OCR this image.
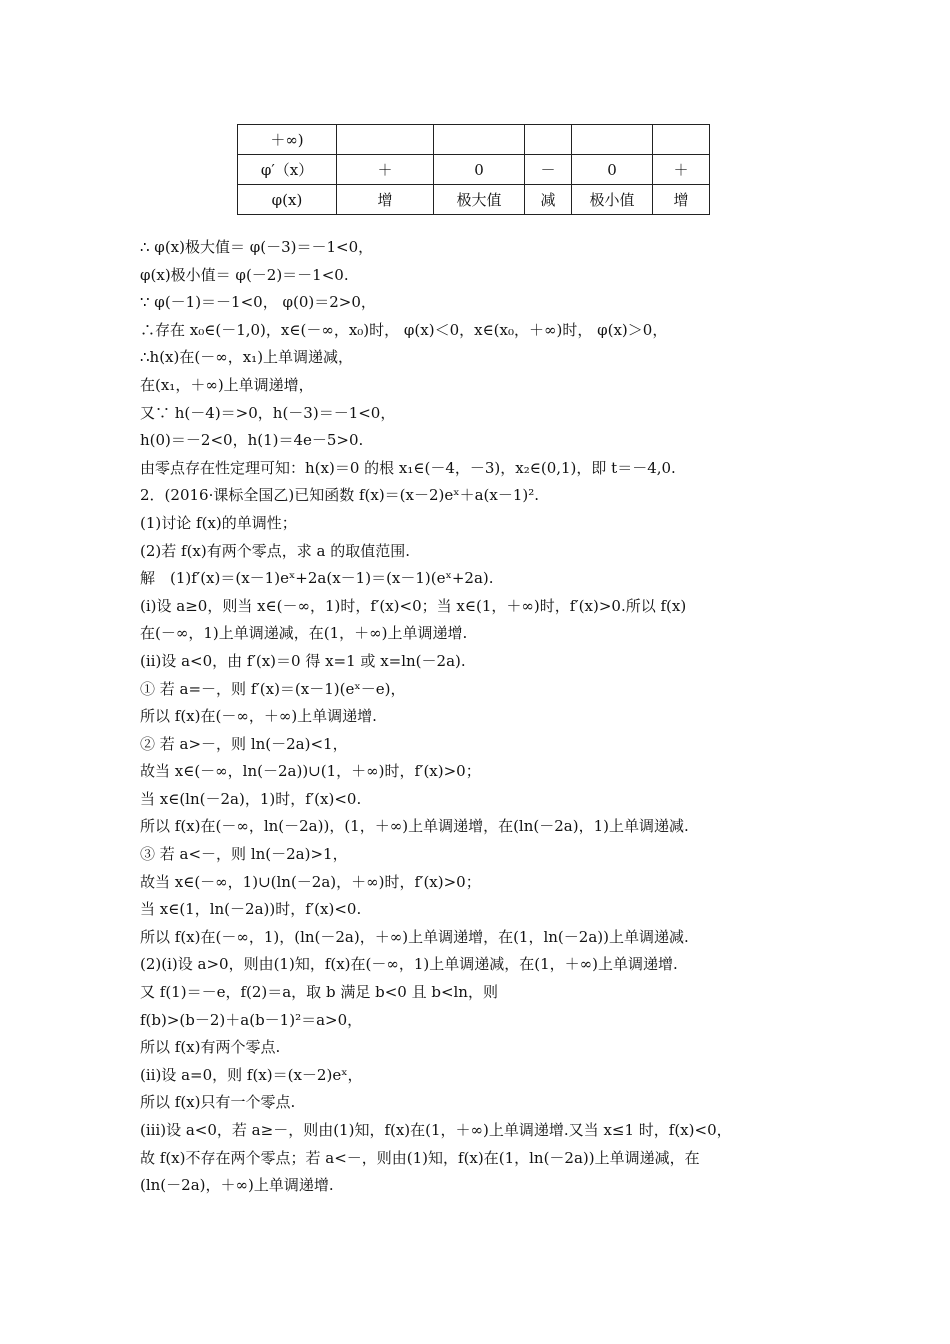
＋∞)					
φ′（x）	＋	0	－	0	＋
φ(x)	增	极大值	减	极小值	增
∴ φ(x)极大值＝ φ(－3)＝－1<0，
φ(x)极小值＝ φ(－2)＝－1<0.
∵ φ(－1)＝－1<0， φ(0)＝2>0，
∴存在 x₀∈(－1,0)，x∈(－∞，x₀)时， φ(x)＜0，x∈(x₀，＋∞)时， φ(x)＞0，
∴h(x)在(－∞，x₁)上单调递减，
在(x₁，＋∞)上单调递增，
又∵ h(－4)＝>0，h(－3)＝－1<0，
h(0)＝－2<0，h(1)＝4e－5>0.
由零点存在性定理可知：h(x)＝0 的根 x₁∈(－4，－3)，x₂∈(0,1)，即 t＝－4,0.
2．(2016·课标全国乙)已知函数 f(x)＝(x－2)eˣ＋a(x－1)².
(1)讨论 f(x)的单调性；
(2)若 f(x)有两个零点，求 a 的取值范围.
解　(1)f′(x)＝(x－1)eˣ+2a(x－1)＝(x－1)(eˣ+2a).
(ⅰ)设 a≥0，则当 x∈(－∞，1)时，f′(x)<0；当 x∈(1，＋∞)时，f′(x)>0.所以 f(x)
在(－∞，1)上单调递减，在(1，＋∞)上单调递增.
(ⅱ)设 a<0，由 f′(x)＝0 得 x=1 或 x=ln(－2a).
① 若 a=－，则 f′(x)＝(x－1)(eˣ－e)，
所以 f(x)在(－∞，＋∞)上单调递增.
② 若 a>－，则 ln(－2a)<1，
故当 x∈(－∞，ln(－2a))∪(1，＋∞)时，f′(x)>0；
当 x∈(ln(－2a)，1)时，f′(x)<0.
所以 f(x)在(－∞，ln(－2a))，(1，＋∞)上单调递增，在(ln(－2a)，1)上单调递减.
③ 若 a<－，则 ln(－2a)>1，
故当 x∈(－∞，1)∪(ln(－2a)，＋∞)时，f′(x)>0；
当 x∈(1，ln(－2a))时，f′(x)<0.
所以 f(x)在(－∞，1)，(ln(－2a)，＋∞)上单调递增，在(1，ln(－2a))上单调递减.
(2)(ⅰ)设 a>0，则由(1)知，f(x)在(－∞，1)上单调递减，在(1，＋∞)上单调递增.
又 f(1)＝－e，f(2)＝a，取 b 满足 b<0 且 b<ln，则
f(b)>(b－2)＋a(b－1)²＝a>0，
所以 f(x)有两个零点.
(ⅱ)设 a=0，则 f(x)＝(x－2)eˣ，
所以 f(x)只有一个零点.
(ⅲ)设 a<0，若 a≥－，则由(1)知，f(x)在(1，＋∞)上单调递增.又当 x≤1 时，f(x)<0，
故 f(x)不存在两个零点；若 a<－，则由(1)知，f(x)在(1，ln(－2a))上单调递减，在
(ln(－2a)，＋∞)上单调递增.
